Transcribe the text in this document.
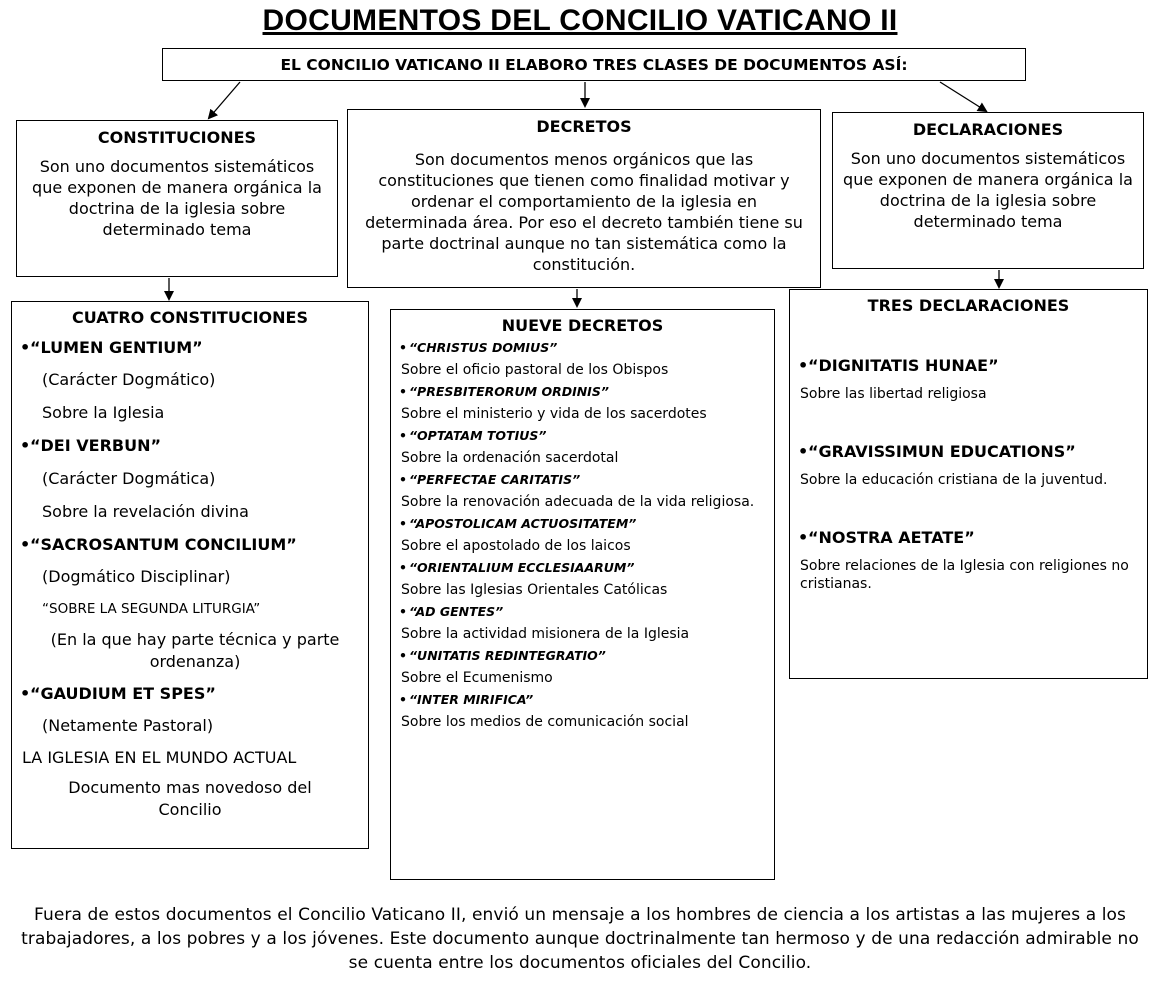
DOCUMENTOS DEL CONCILIO VATICANO II
EL CONCILIO VATICANO II ELABORO TRES CLASES DE DOCUMENTOS ASÍ:
CONSTITUCIONES
Son uno documentos sistemáticos que exponen de manera orgánica la doctrina de la iglesia sobre determinado tema
DECRETOS
Son documentos menos orgánicos que las constituciones que tienen como finalidad motivar y ordenar el comportamiento de la iglesia en determinada área. Por eso el decreto también tiene su parte doctrinal aunque no tan sistemática como la constitución.
DECLARACIONES
Son uno documentos sistemáticos que exponen de manera orgánica la doctrina de la iglesia sobre determinado tema
CUATRO CONSTITUCIONES
•“LUMEN GENTIUM”
(Carácter Dogmático)
Sobre la Iglesia
•“DEI VERBUN”
(Carácter Dogmática)
Sobre la revelación divina
•“SACROSANTUM CONCILIUM”
(Dogmático Disciplinar)
“SOBRE LA SEGUNDA LITURGIA”
(En la que hay parte técnica y parte ordenanza)
•“GAUDIUM ET SPES”
(Netamente Pastoral)
LA IGLESIA EN EL MUNDO ACTUAL
Documento mas novedoso del Concilio
NUEVE DECRETOS
• “CHRISTUS DOMIUS”
Sobre el oficio pastoral de los Obispos
• “PRESBITERORUM ORDINIS”
Sobre el ministerio y vida de los sacerdotes
• “OPTATAM TOTIUS”
Sobre la ordenación sacerdotal
• “PERFECTAE CARITATIS”
Sobre la renovación adecuada de la vida religiosa.
• “APOSTOLICAM ACTUOSITATEM”
Sobre el apostolado de los laicos
• “ORIENTALIUM ECCLESIAARUM”
Sobre las Iglesias Orientales Católicas
• “AD GENTES”
Sobre la actividad misionera de la Iglesia
• “UNITATIS REDINTEGRATIO”
Sobre el Ecumenismo
• “INTER MIRIFICA”
Sobre los medios de comunicación social
TRES DECLARACIONES
•“DIGNITATIS HUNAE”
Sobre las libertad religiosa
•“GRAVISSIMUN EDUCATIONS”
Sobre la educación cristiana de la juventud.
•“NOSTRA AETATE”
Sobre relaciones de la Iglesia con religiones no cristianas.
Fuera de estos documentos el Concilio Vaticano II, envió un mensaje a los hombres de ciencia a los artistas a las mujeres a los trabajadores, a los pobres y a los jóvenes. Este documento aunque doctrinalmente tan hermoso y de una redacción admirable no se cuenta entre los documentos oficiales del Concilio.
